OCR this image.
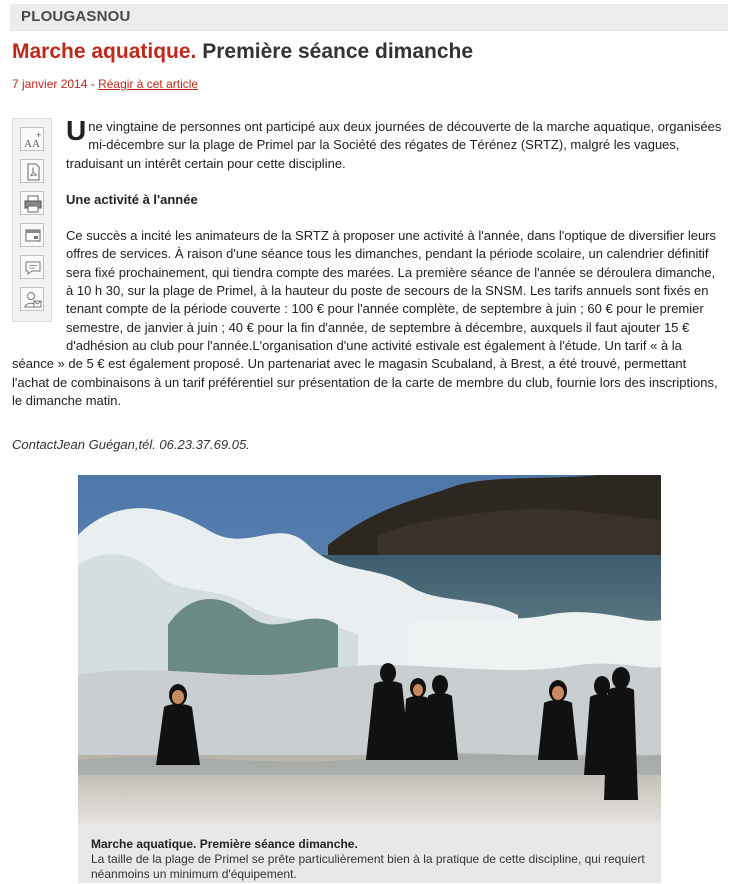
PLOUGASNOU
Marche aquatique. Première séance dimanche
7 janvier 2014 - Réagir à cet article
AA
+ Une vingtaine de personnes ont participé aux deux journées de découverte de la marche aquatique, organisées mi-décembre sur la plage de Primel par la Société des régates de Térénez (SRTZ), malgré les vagues, traduisant un intérêt certain pour cette discipline.

Une activité à l'année

Ce succès a incité les animateurs de la SRTZ à proposer une activité à l'année, dans l'optique de diversifier leurs offres de services. À raison d'une séance tous les dimanches, pendant la période scolaire, un calendrier définitif sera fixé prochainement, qui tiendra compte des marées. La première séance de l'année se déroulera dimanche, à 10 h 30, sur la plage de Primel, à la hauteur du poste de secours de la SNSM. Les tarifs annuels sont fixés en tenant compte de la période couverte : 100 € pour l'année complète, de septembre à juin ; 60 € pour le premier semestre, de janvier à juin ; 40 € pour la fin d'année, de septembre à décembre, auxquels il faut ajouter 15 € d'adhésion au club pour l'année.L'organisation d'une activité estivale est également à l'étude. Un tarif « à la séance » de 5 € est également proposé. Un partenariat avec le magasin Scubaland, à Brest, a été trouvé, permettant l'achat de combinaisons à un tarif préférentiel sur présentation de la carte de membre du club, fournie lors des inscriptions, le dimanche matin.

ContactJean Guégan,tél. 06.23.37.69.05.
Marche aquatique. Première séance dimanche.
La taille de la plage de Primel se prête particulièrement bien à la pratique de cette discipline, qui requiert néanmoins un minimum d'équipement.
